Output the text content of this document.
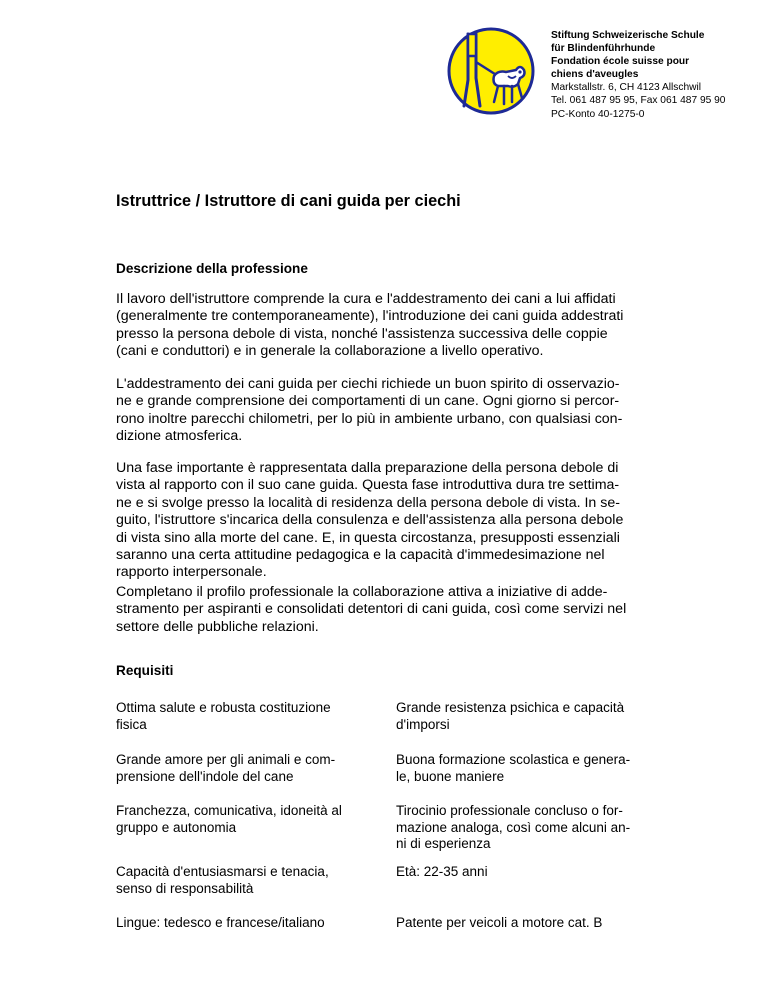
Stiftung Schweizerische Schule
für Blindenführhunde
Fondation école suisse pour
chiens d'aveugles
Markstallstr. 6, CH 4123 Allschwil
Tel. 061 487 95 95, Fax 061 487 95 90
PC-Konto 40-1275-0
Istruttrice / Istruttore di cani guida per ciechi
Descrizione della professione
Il lavoro dell'istruttore comprende la cura e l'addestramento dei cani a lui affidati
(generalmente tre contemporaneamente), l'introduzione dei cani guida addestrati
presso la persona debole di vista, nonché l'assistenza successiva delle coppie
(cani e conduttori) e in generale la collaborazione a livello operativo.
L'addestramento dei cani guida per ciechi richiede un buon spirito di osservazio-
ne e grande comprensione dei comportamenti di un cane. Ogni giorno si percor-
rono inoltre parecchi chilometri, per lo più in ambiente urbano, con qualsiasi con-
dizione atmosferica.
Una fase importante è rappresentata dalla preparazione della persona debole di
vista al rapporto con il suo cane guida. Questa fase introduttiva dura tre settima-
ne e si svolge presso la località di residenza della persona debole di vista. In se-
guito, l'istruttore s'incarica della consulenza e dell'assistenza alla persona debole
di vista sino alla morte del cane. E, in questa circostanza, presupposti essenziali
saranno una certa attitudine pedagogica e la capacità d'immedesimazione nel
rapporto interpersonale.
Completano il profilo professionale la collaborazione attiva a iniziative di adde-
stramento per aspiranti e consolidati detentori di cani guida, così come servizi nel
settore delle pubbliche relazioni.
Requisiti
Ottima salute e robusta costituzione
fisica
Grande amore per gli animali e com-
prensione dell'indole del cane
Franchezza, comunicativa, idoneità al
gruppo e autonomia
Capacità d'entusiasmarsi e tenacia,
senso di responsabilità
Lingue: tedesco e francese/italiano
Grande resistenza psichica e capacità
d'imporsi
Buona formazione scolastica e genera-
le, buone maniere
Tirocinio professionale concluso o for-
mazione analoga, così come alcuni an-
ni di esperienza
Età: 22-35 anni
Patente per veicoli a motore cat. B
